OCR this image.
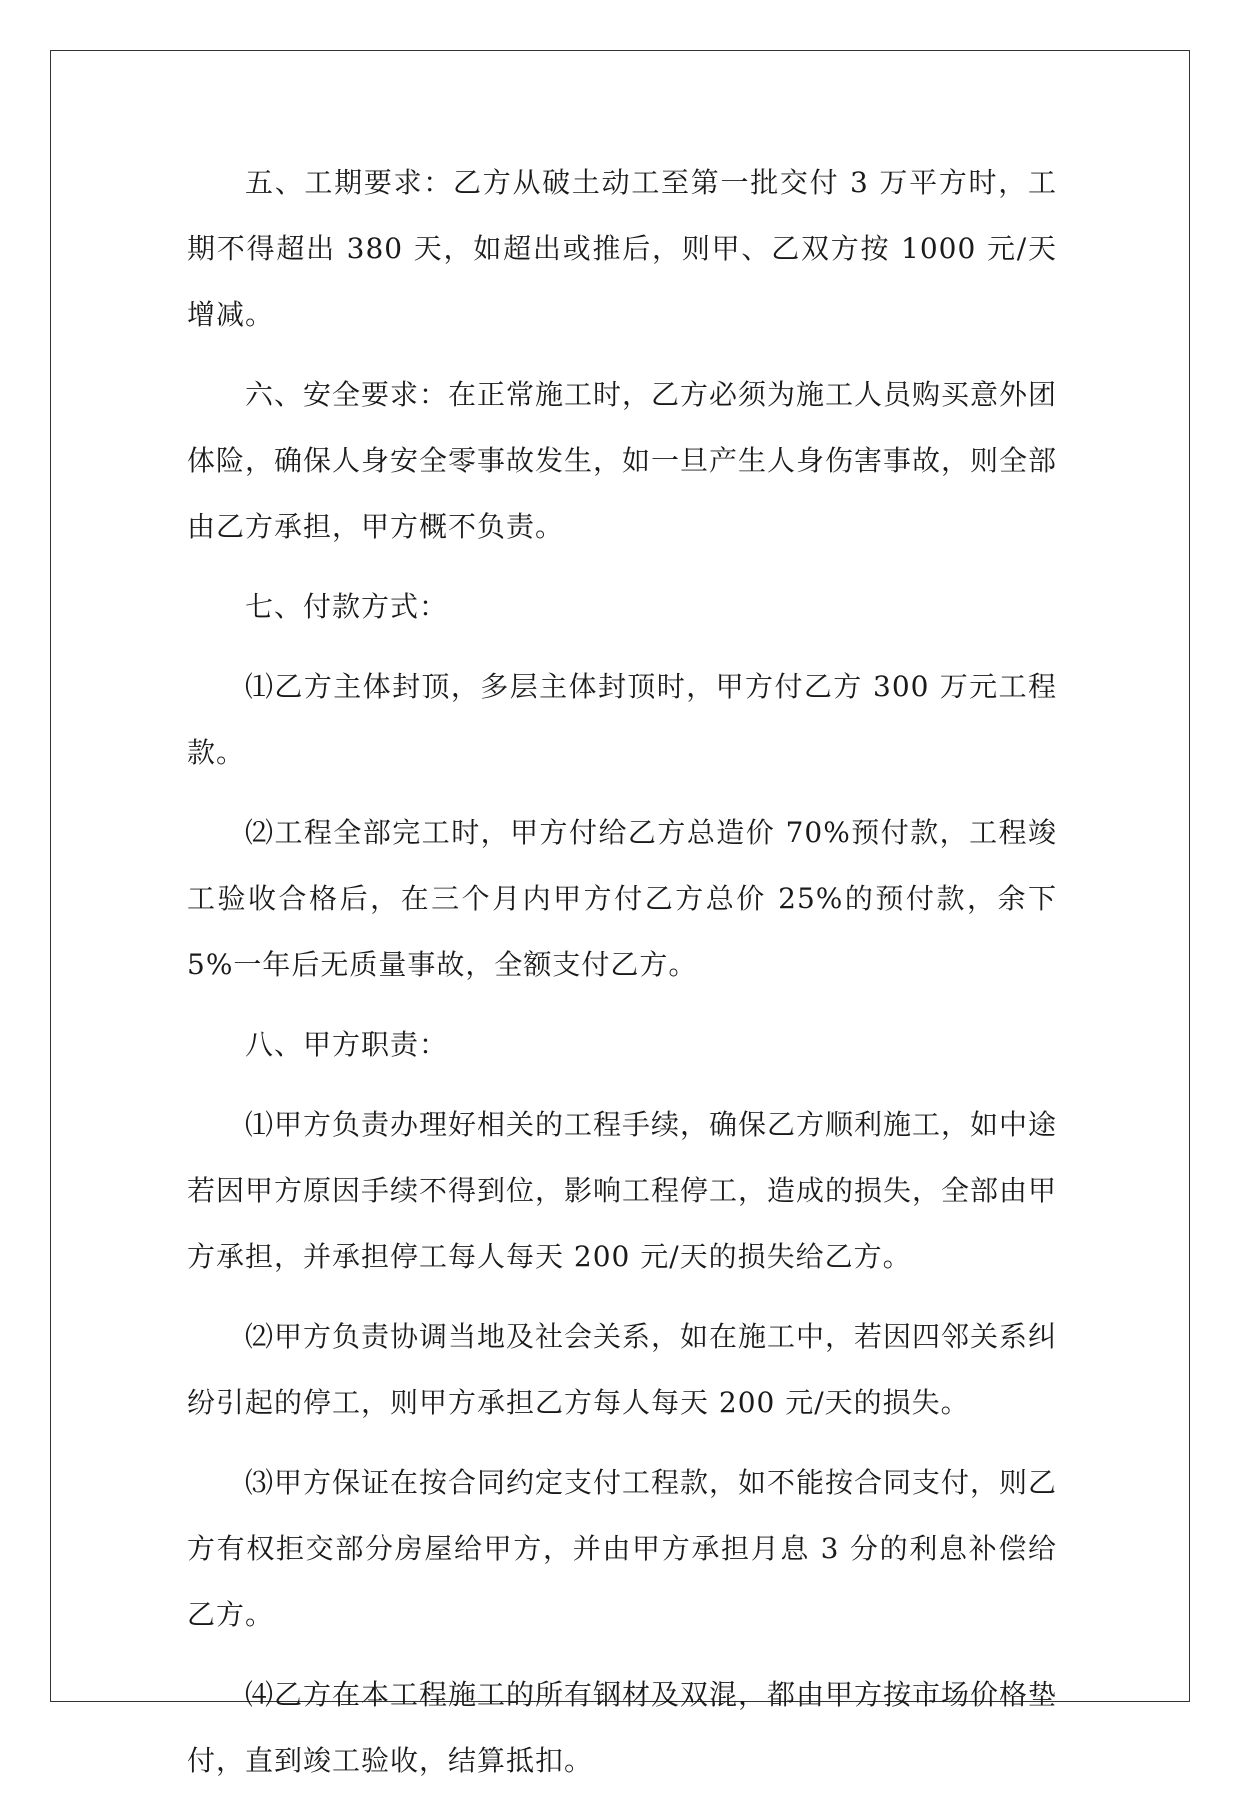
五、工期要求：乙方从破土动工至第一批交付 3 万平方时，工期不得超出 380 天，如超出或推后，则甲、乙双方按 1000 元/天增减。

六、安全要求：在正常施工时，乙方必须为施工人员购买意外团体险，确保人身安全零事故发生，如一旦产生人身伤害事故，则全部由乙方承担，甲方概不负责。

七、付款方式：

⑴乙方主体封顶，多层主体封顶时，甲方付乙方 300 万元工程款。

⑵工程全部完工时，甲方付给乙方总造价 70%预付款，工程竣工验收合格后，在三个月内甲方付乙方总价 25%的预付款，余下 5%一年后无质量事故，全额支付乙方。

八、甲方职责：

⑴甲方负责办理好相关的工程手续，确保乙方顺利施工，如中途若因甲方原因手续不得到位，影响工程停工，造成的损失，全部由甲方承担，并承担停工每人每天 200 元/天的损失给乙方。

⑵甲方负责协调当地及社会关系，如在施工中，若因四邻关系纠纷引起的停工，则甲方承担乙方每人每天 200 元/天的损失。

⑶甲方保证在按合同约定支付工程款，如不能按合同支付，则乙方有权拒交部分房屋给甲方，并由甲方承担月息 3 分的利息补偿给乙方。

⑷乙方在本工程施工的所有钢材及双混，都由甲方按市场价格垫付，直到竣工验收，结算抵扣。
